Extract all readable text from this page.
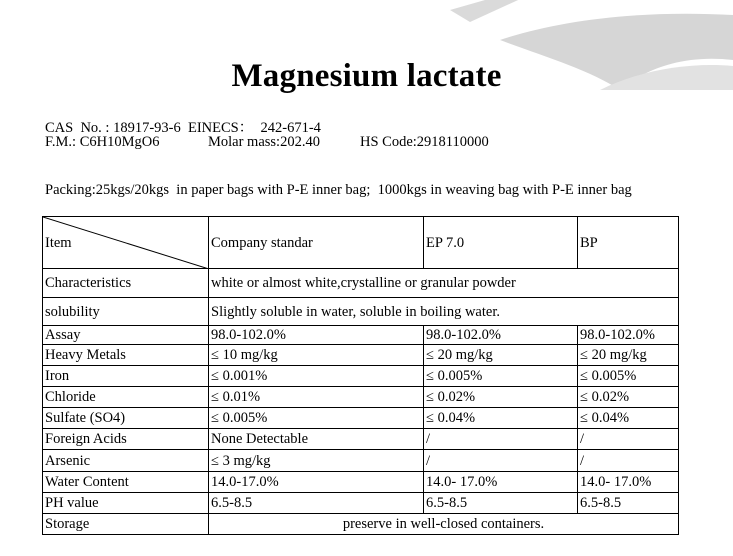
Magnesium lactate
CAS  No. : 18917-93-6  EINECS：  242-671-4
F.M.: C6H10MgO6	Molar mass:202.40	HS Code:2918110000
Packing:25kgs/20kgs  in paper bags with P-E inner bag;  1000kgs in weaving bag with P-E inner bag
Item	Company standar	EP 7.0	BP
Characteristics	white or almost white,crystalline or granular powder		
solubility	Slightly soluble in water, soluble in boiling water.		
Assay	98.0-102.0%	98.0-102.0%	98.0-102.0%
Heavy Metals	≤ 10 mg/kg	≤ 20 mg/kg	≤ 20 mg/kg
Iron	≤ 0.001%	≤ 0.005%	≤ 0.005%
Chloride	≤ 0.01%	≤ 0.02%	≤ 0.02%
Sulfate (SO4)	≤ 0.005%	≤ 0.04%	≤ 0.04%
Foreign Acids	None Detectable	/	/
Arsenic	≤ 3 mg/kg	/	/
Water Content	14.0-17.0%	14.0- 17.0%	14.0- 17.0%
PH value	6.5-8.5	6.5-8.5	6.5-8.5
Storage	preserve in well-closed containers.		
